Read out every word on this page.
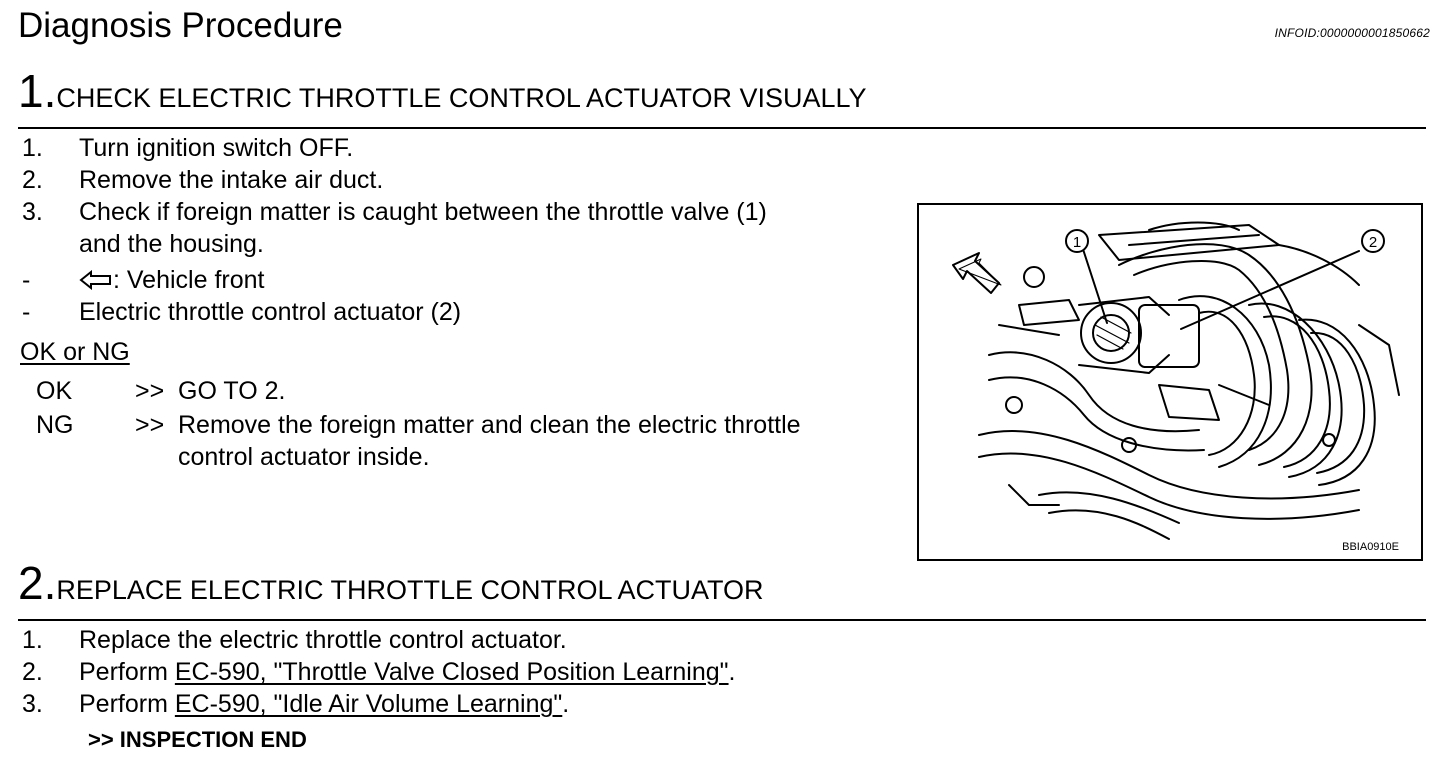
Diagnosis Procedure	INFOID:0000000001850662
1.CHECK ELECTRIC THROTTLE CONTROL ACTUATOR VISUALLY
1. Turn ignition switch OFF.
2. Remove the intake air duct.
3. Check if foreign matter is caught between the throttle valve (1)
and the housing.
-	: Vehicle front
- Electric throttle control actuator (2)
OK or NG
OK	>> GO TO 2.
NG >> Remove the foreign matter and clean the electric throttle
control actuator inside.
1	2
BBIA0910E
2.REPLACE ELECTRIC THROTTLE CONTROL ACTUATOR
1. Replace the electric throttle control actuator.
2. Perform EC-590, "Throttle Valve Closed Position Learning".
3. Perform EC-590, "Idle Air Volume Learning".
>> INSPECTION END
